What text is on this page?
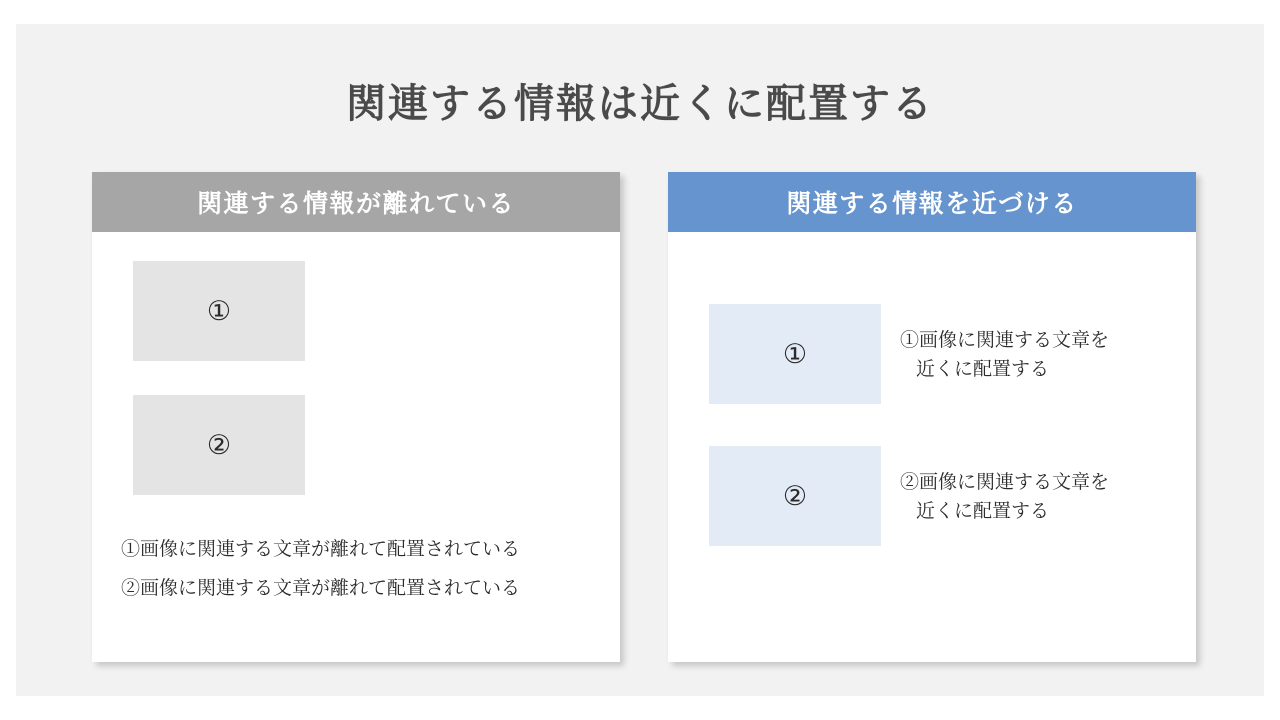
関連する情報は近くに配置する
関連する情報が離れている
①
②
①画像に関連する文章が離れて配置されている
②画像に関連する文章が離れて配置されている
関連する情報を近づける
①	①画像に関連する文章を
近くに配置する
②	②画像に関連する文章を
近くに配置する
